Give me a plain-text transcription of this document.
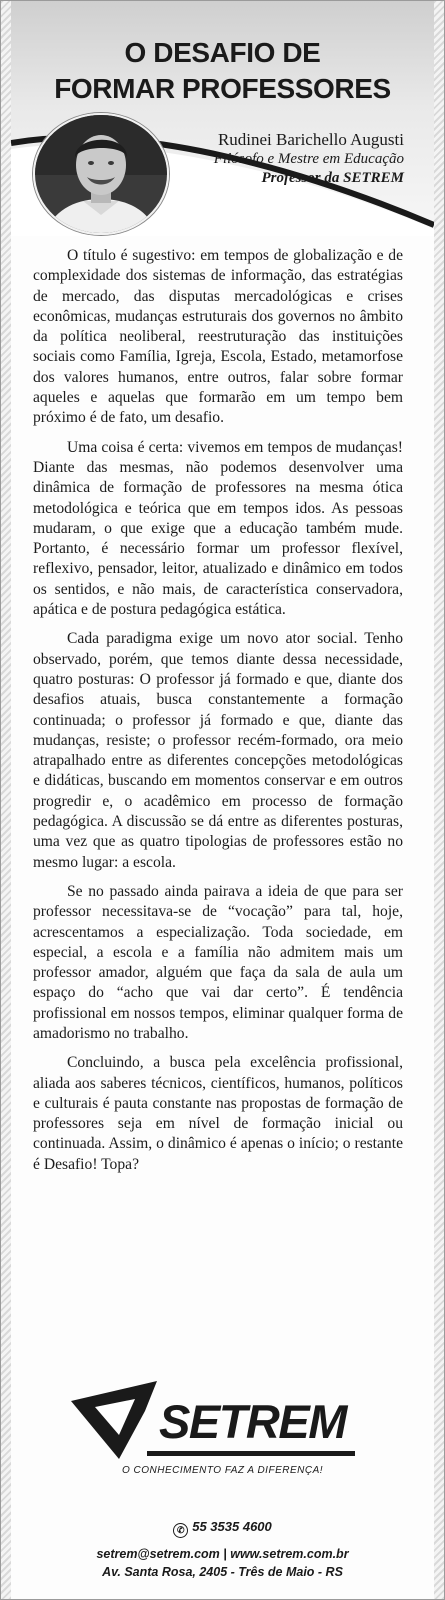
O DESAFIO DE
FORMAR PROFESSORES
Rudinei Barichello Augusti
Filósofo e Mestre em Educação
Professor da SETREM

O título é sugestivo: em tempos de globalização e de complexidade dos sistemas de informação, das estratégias de mercado, das disputas mercadológicas e crises econômicas, mudanças estruturais dos governos no âmbito da política neoliberal, reestruturação das instituições sociais como Família, Igreja, Escola, Estado, metamorfose dos valores humanos, entre outros, falar sobre formar aqueles e aquelas que formarão em um tempo bem próximo é de fato, um desafio.

Uma coisa é certa: vivemos em tempos de mudanças! Diante das mesmas, não podemos desenvolver uma dinâmica de formação de professores na mesma ótica metodológica e teórica que em tempos idos. As pessoas mudaram, o que exige que a educação também mude. Portanto, é necessário formar um professor flexível, reflexivo, pensador, leitor, atualizado e dinâmico em todos os sentidos, e não mais, de característica conservadora, apática e de postura pedagógica estática.

Cada paradigma exige um novo ator social. Tenho observado, porém, que temos diante dessa necessidade, quatro posturas: O professor já formado e que, diante dos desafios atuais, busca constantemente a formação continuada; o professor já formado e que, diante das mudanças, resiste; o professor recém-formado, ora meio atrapalhado entre as diferentes concepções metodológicas e didáticas, buscando em momentos conservar e em outros progredir e, o acadêmico em processo de formação pedagógica. A discussão se dá entre as diferentes posturas, uma vez que as quatro tipologias de professores estão no mesmo lugar: a escola.

Se no passado ainda pairava a ideia de que para ser professor necessitava-se de “vocação” para tal, hoje, acrescentamos a especialização. Toda sociedade, em especial, a escola e a família não admitem mais um professor amador, alguém que faça da sala de aula um espaço do “acho que vai dar certo”. É tendência profissional em nossos tempos, eliminar qualquer forma de amadorismo no trabalho.

Concluindo, a busca pela excelência profissional, aliada aos saberes técnicos, científicos, humanos, políticos e culturais é pauta constante nas propostas de formação de professores seja em nível de formação inicial ou continuada. Assim, o dinâmico é apenas o início; o restante é Desafio! Topa?

SETREM
O CONHECIMENTO FAZ A DIFERENÇA!
✆ 55 3535 4600
setrem@setrem.com | www.setrem.com.br
Av. Santa Rosa, 2405 - Três de Maio - RS
